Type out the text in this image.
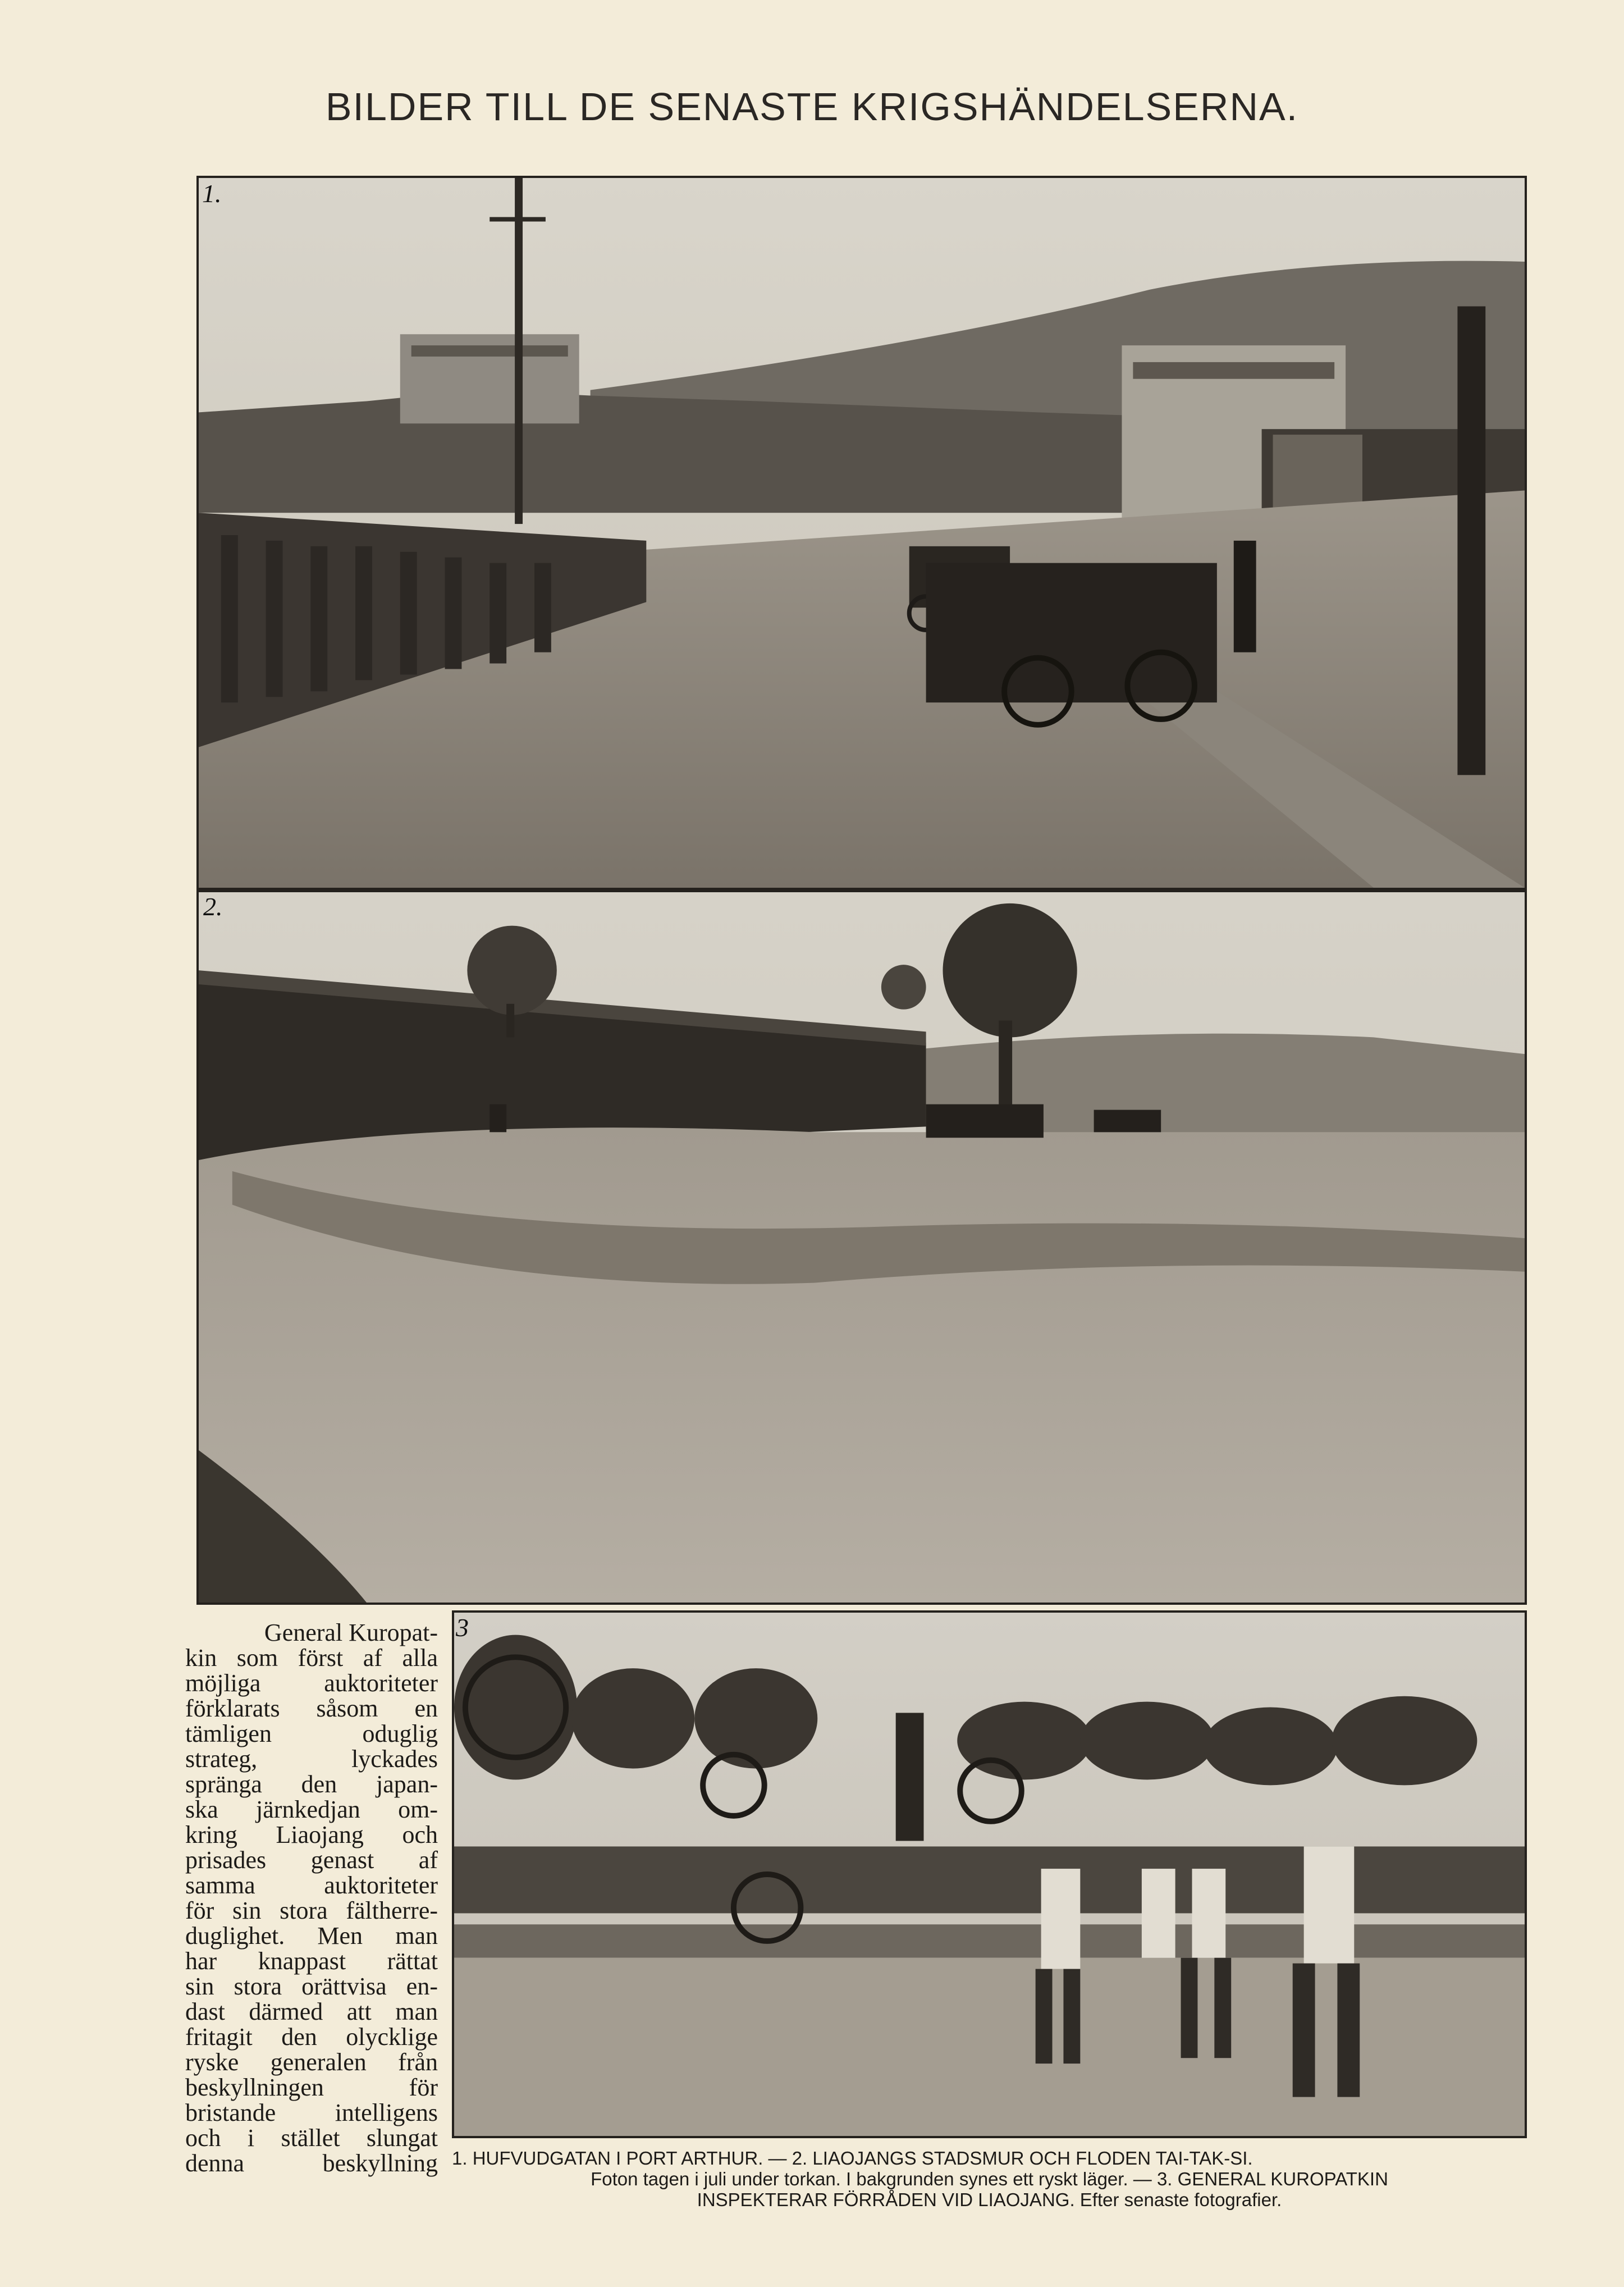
BILDER TILL DE SENASTE KRIGSHÄNDELSERNA.
1.
2.
3
General Kuropat-
kin som först af alla
möjliga auktoriteter
förklarats såsom en
tämligen oduglig
strateg, lyckades
spränga den japan-
ska järnkedjan om-
kring Liaojang och
prisades genast af
samma auktoriteter
för sin stora fältherre-
duglighet. Men man
har knappast rättat
sin stora orättvisa en-
dast därmed att man
fritagit den olycklige
ryske generalen från
beskyllningen för
bristande intelligens
och i stället slungat
denna beskyllning 1. HUFVUDGATAN I PORT ARTHUR. — 2. LIAOJANGS STADSMUR OCH FLODEN TAI-TAK-SI.
Foton tagen i juli under torkan. I bakgrunden synes ett ryskt läger. — 3. GENERAL KUROPATKIN
INSPEKTERAR FÖRRÅDEN VID LIAOJANG. Efter senaste fotografier.
